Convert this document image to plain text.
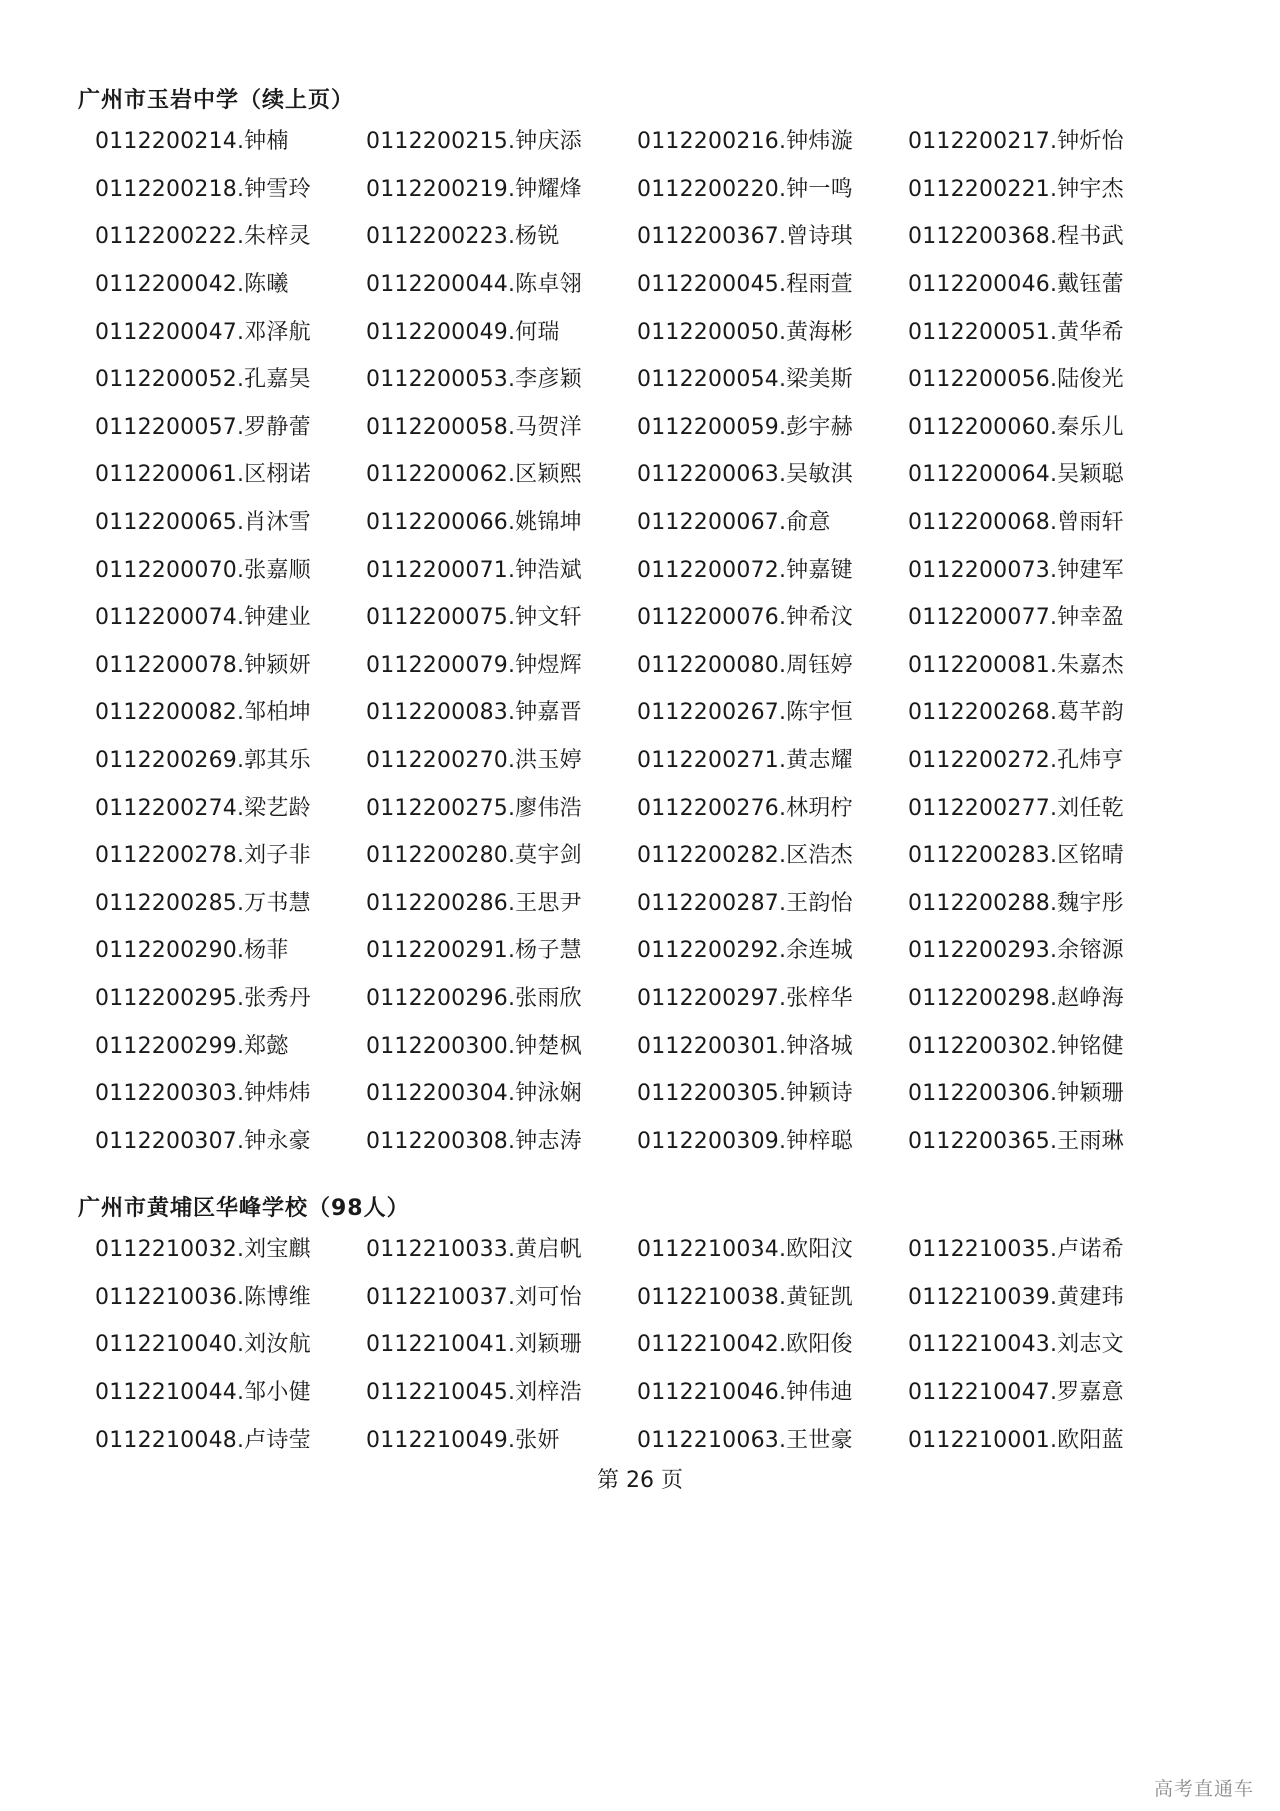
广州市玉岩中学（续上页）
0112200214.钟楠	0112200215.钟庆添	0112200216.钟炜漩	0112200217.钟炘怡
0112200218.钟雪玲	0112200219.钟耀烽	0112200220.钟一鸣	0112200221.钟宇杰
0112200222.朱梓灵	0112200223.杨锐	0112200367.曾诗琪	0112200368.程书武
0112200042.陈曦	0112200044.陈卓翎	0112200045.程雨萱	0112200046.戴钰蕾
0112200047.邓泽航	0112200049.何瑞	0112200050.黄海彬	0112200051.黄华希
0112200052.孔嘉昊	0112200053.李彦颖	0112200054.梁美斯	0112200056.陆俊光
0112200057.罗静蕾	0112200058.马贺洋	0112200059.彭宇赫	0112200060.秦乐儿
0112200061.区栩诺	0112200062.区颖熙	0112200063.吴敏淇	0112200064.吴颖聪
0112200065.肖沐雪	0112200066.姚锦坤	0112200067.俞意	0112200068.曾雨轩
0112200070.张嘉顺	0112200071.钟浩斌	0112200072.钟嘉键	0112200073.钟建军
0112200074.钟建业	0112200075.钟文轩	0112200076.钟希汶	0112200077.钟幸盈
0112200078.钟颍妍	0112200079.钟煜辉	0112200080.周钰婷	0112200081.朱嘉杰
0112200082.邹柏坤	0112200083.钟嘉晋	0112200267.陈宇恒	0112200268.葛芊韵
0112200269.郭其乐	0112200270.洪玉婷	0112200271.黄志耀	0112200272.孔炜亨
0112200274.梁艺龄	0112200275.廖伟浩	0112200276.林玥柠	0112200277.刘任乾
0112200278.刘子非	0112200280.莫宇剑	0112200282.区浩杰	0112200283.区铭晴
0112200285.万书慧	0112200286.王思尹	0112200287.王韵怡	0112200288.魏宇彤
0112200290.杨菲	0112200291.杨子慧	0112200292.余连城	0112200293.余镕源
0112200295.张秀丹	0112200296.张雨欣	0112200297.张梓华	0112200298.赵峥海
0112200299.郑懿	0112200300.钟楚枫	0112200301.钟洛城	0112200302.钟铭健
0112200303.钟炜炜	0112200304.钟泳娴	0112200305.钟颖诗	0112200306.钟颖珊
0112200307.钟永豪	0112200308.钟志涛	0112200309.钟梓聪	0112200365.王雨琳
广州市黄埔区华峰学校（98人）
0112210032.刘宝麒	0112210033.黄启帆	0112210034.欧阳汶	0112210035.卢诺希
0112210036.陈博维	0112210037.刘可怡	0112210038.黄钲凯	0112210039.黄建玮
0112210040.刘汝航	0112210041.刘颖珊	0112210042.欧阳俊	0112210043.刘志文
0112210044.邹小健	0112210045.刘梓浩	0112210046.钟伟迪	0112210047.罗嘉意
0112210048.卢诗莹	0112210049.张妍	0112210063.王世豪	0112210001.欧阳蓝
第 26 页
高考直通车
